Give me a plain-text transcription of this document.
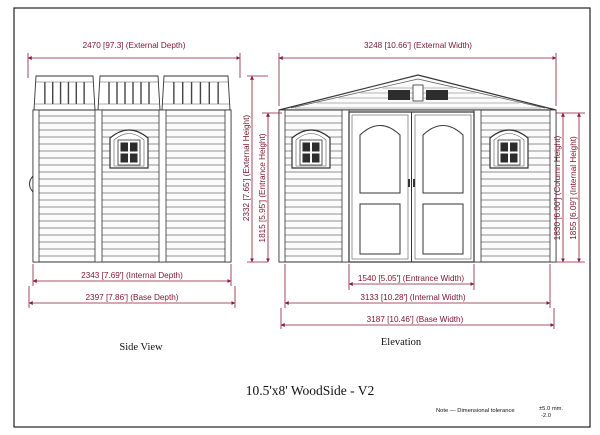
2470 [97.3] (External Depth)
2343 [7.69'] (Internal Depth)
2397 [7.86'] (Base Depth)
Side View
3248 [10.66'] (External Width)
2332 [7.65'] (External Height) 1815 [5.95'] (Entrance Height)	1830 [6.00'] (Column Height) 1855 [6.09'] (Internal Height)
1540 [5.05'] (Entrance Width)
3133 [10.28'] (Internal Width)
3187 [10.46'] (Base Width)
Elevation
10.5'x8' WoodSide - V2
Note — Dimensional tolerance	±5.0 mm.
-2.0
